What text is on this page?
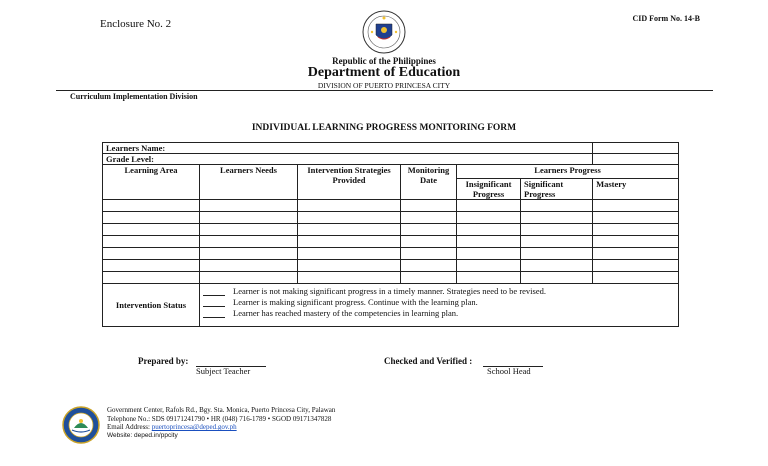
Enclosure No. 2	CID Form No. 14-B
Republic of the Philippines
Department of Education
DIVISION OF PUERTO PRINCESA CITY
Curriculum Implementation Division
INDIVIDUAL LEARNING PROGRESS MONITORING FORM
Learners Name:						
Grade Level:						
Learning Area	Learners Needs	Intervention Strategies Provided	Monitoring Date	Learners Progress		
				Insignificant Progress	Significant Progress	Mastery

Intervention Status	Learner is not making significant progress in a timely manner. Strategies need to be revised.
Learner is making significant progress. Continue with the learning plan.
Learner has reached mastery of the competencies in learning plan.					
Prepared by:
Subject Teacher
Checked and Verified :
School Head
Government Center, Rafols Rd., Bgy. Sta. Monica, Puerto Princesa City, Palawan
Telephone No.: SDS 09171241790 • HR (048) 716-1789 • SGOD 09171347828
Email Address: puertoprincesa@deped.gov.ph
Website: deped.in/ppcity
